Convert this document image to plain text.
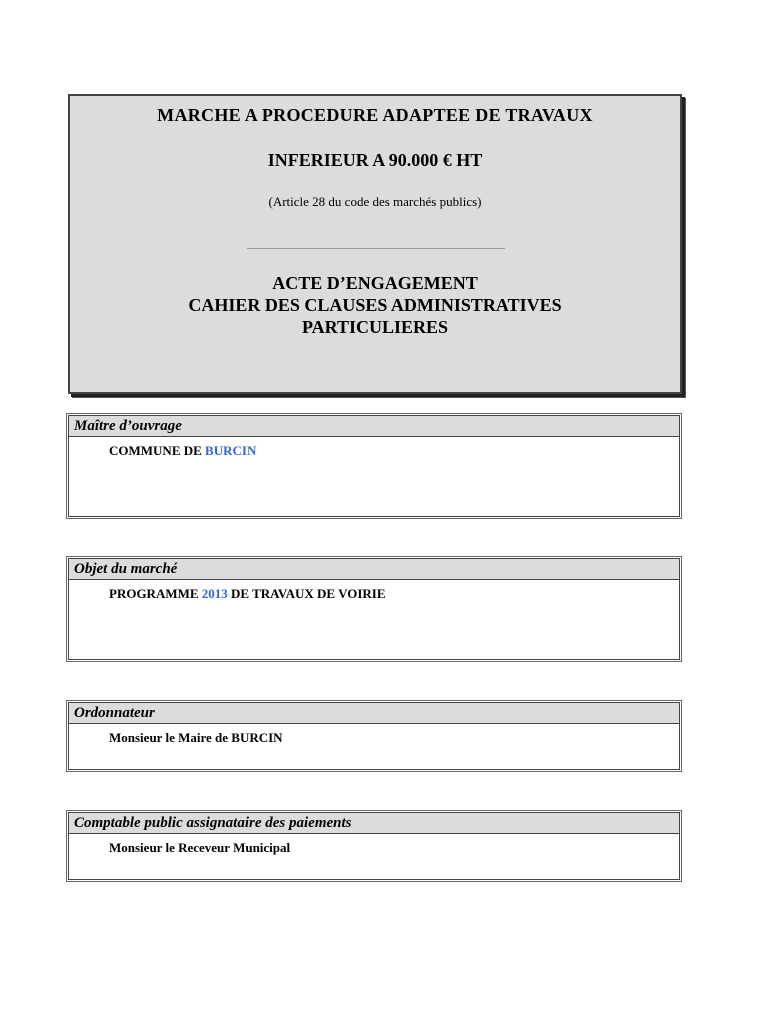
MARCHE A PROCEDURE ADAPTEE DE TRAVAUX
INFERIEUR A 90.000 € HT
(Article 28 du code des marchés publics)
ACTE D’ENGAGEMENT
CAHIER DES CLAUSES ADMINISTRATIVES
PARTICULIERES
Maître d’ouvrage
COMMUNE DE BURCIN
Objet du marché
PROGRAMME 2013 DE TRAVAUX DE VOIRIE
Ordonnateur
Monsieur le Maire de BURCIN
Comptable public assignataire des paiements
Monsieur le Receveur Municipal
